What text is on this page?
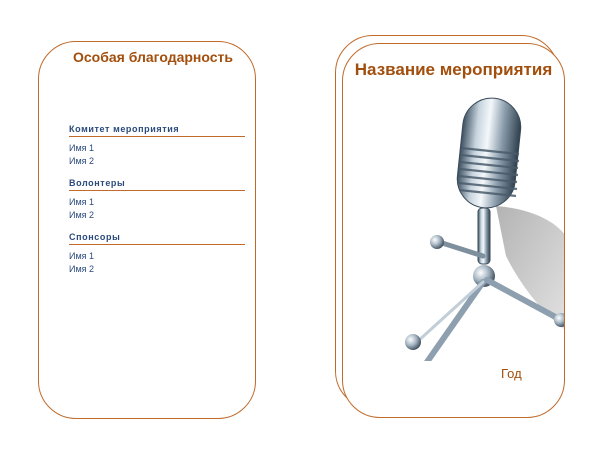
Особая благодарность
Комитет мероприятия
Имя 1
Имя 2
Волонтеры
Имя 1
Имя 2
Спонсоры
Имя 1
Имя 2
Название мероприятия
Год
